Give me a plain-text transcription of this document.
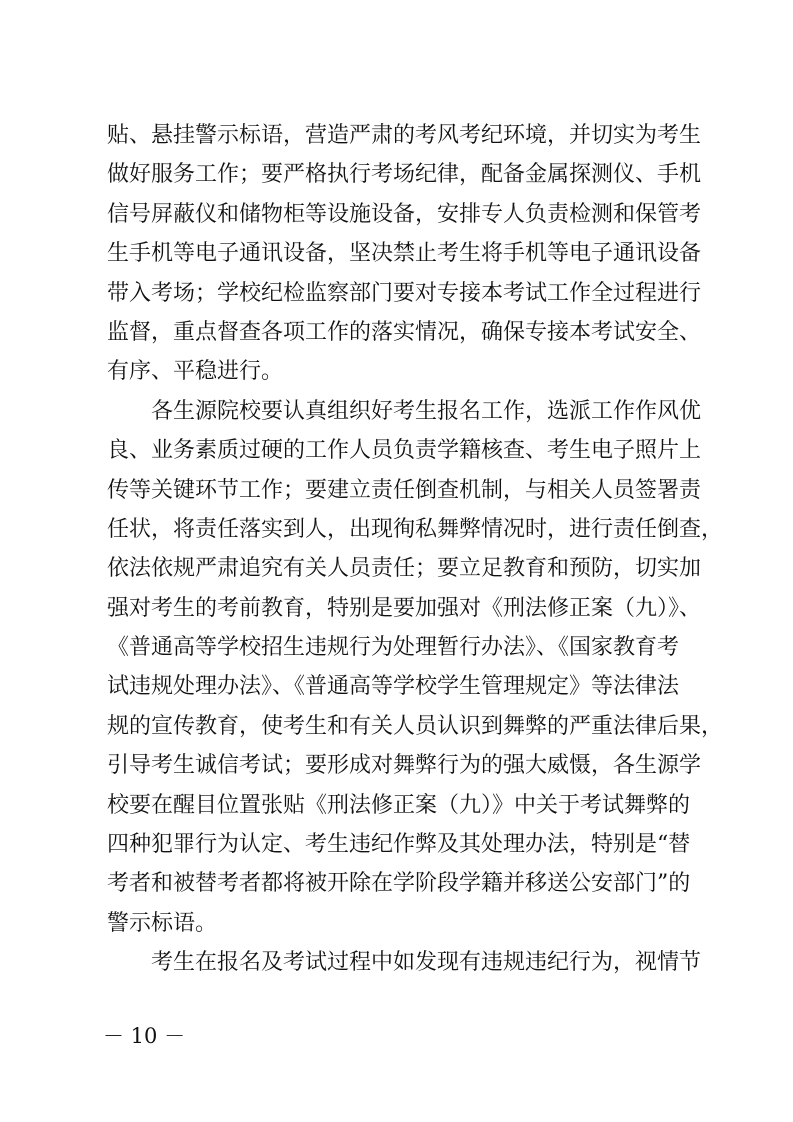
贴、悬挂警示标语，营造严肃的考风考纪环境，并切实为考生
做好服务工作；要严格执行考场纪律，配备金属探测仪、手机
信号屏蔽仪和储物柜等设施设备，安排专人负责检测和保管考
生手机等电子通讯设备，坚决禁止考生将手机等电子通讯设备
带入考场；学校纪检监察部门要对专接本考试工作全过程进行
监督，重点督查各项工作的落实情况，确保专接本考试安全、
有序、平稳进行。
　　各生源院校要认真组织好考生报名工作，选派工作作风优
良、业务素质过硬的工作人员负责学籍核查、考生电子照片上
传等关键环节工作；要建立责任倒查机制，与相关人员签署责
任状，将责任落实到人，出现徇私舞弊情况时，进行责任倒查，
依法依规严肃追究有关人员责任；要立足教育和预防，切实加
强对考生的考前教育，特别是要加强对《刑法修正案（九）》、
《普通高等学校招生违规行为处理暂行办法》、《国家教育考
试违规处理办法》、《普通高等学校学生管理规定》等法律法
规的宣传教育，使考生和有关人员认识到舞弊的严重法律后果，
引导考生诚信考试；要形成对舞弊行为的强大威慑，各生源学
校要在醒目位置张贴《刑法修正案（九）》中关于考试舞弊的
四种犯罪行为认定、考生违纪作弊及其处理办法，特别是“替
考者和被替考者都将被开除在学阶段学籍并移送公安部门”的
警示标语。
　　考生在报名及考试过程中如发现有违规违纪行为，视情节
－ 10 －
